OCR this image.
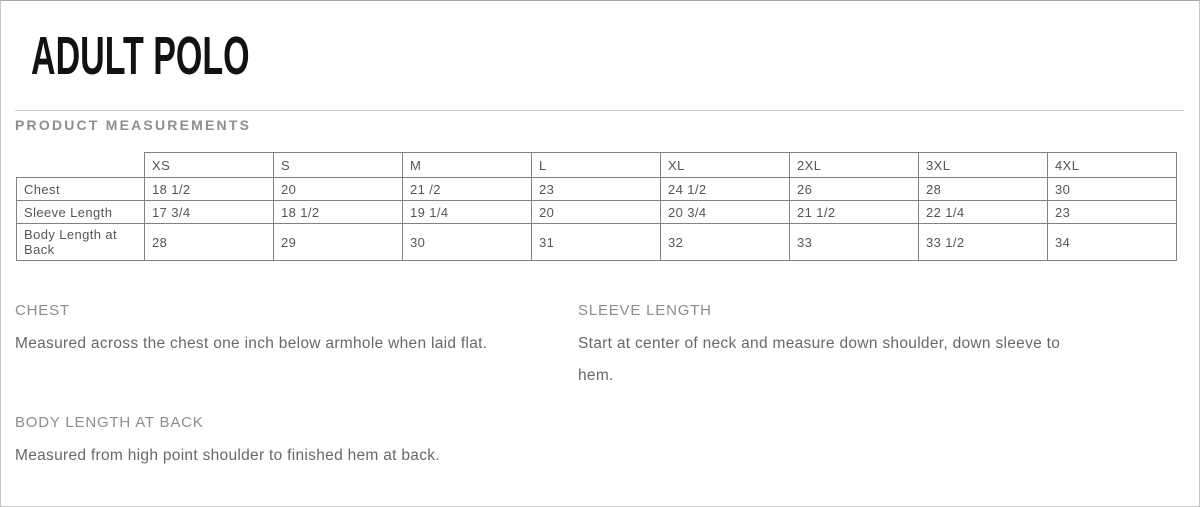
ADULT POLO
PRODUCT MEASUREMENTS
	XS	S	M	L	XL	2XL	3XL	4XL
Chest	18 1/2	20	21 /2	23	24 1/2	26	28	30
Sleeve Length	17 3/4	18 1/2	19 1/4	20	20 3/4	21 1/2	22 1/4	23
Body Length at Back	28	29	30	31	32	33	33 1/2	34
CHEST

Measured across the chest one inch below armhole when laid flat.

SLEEVE LENGTH

Start at center of neck and measure down shoulder, down sleeve to hem.

BODY LENGTH AT BACK

Measured from high point shoulder to finished hem at back.
